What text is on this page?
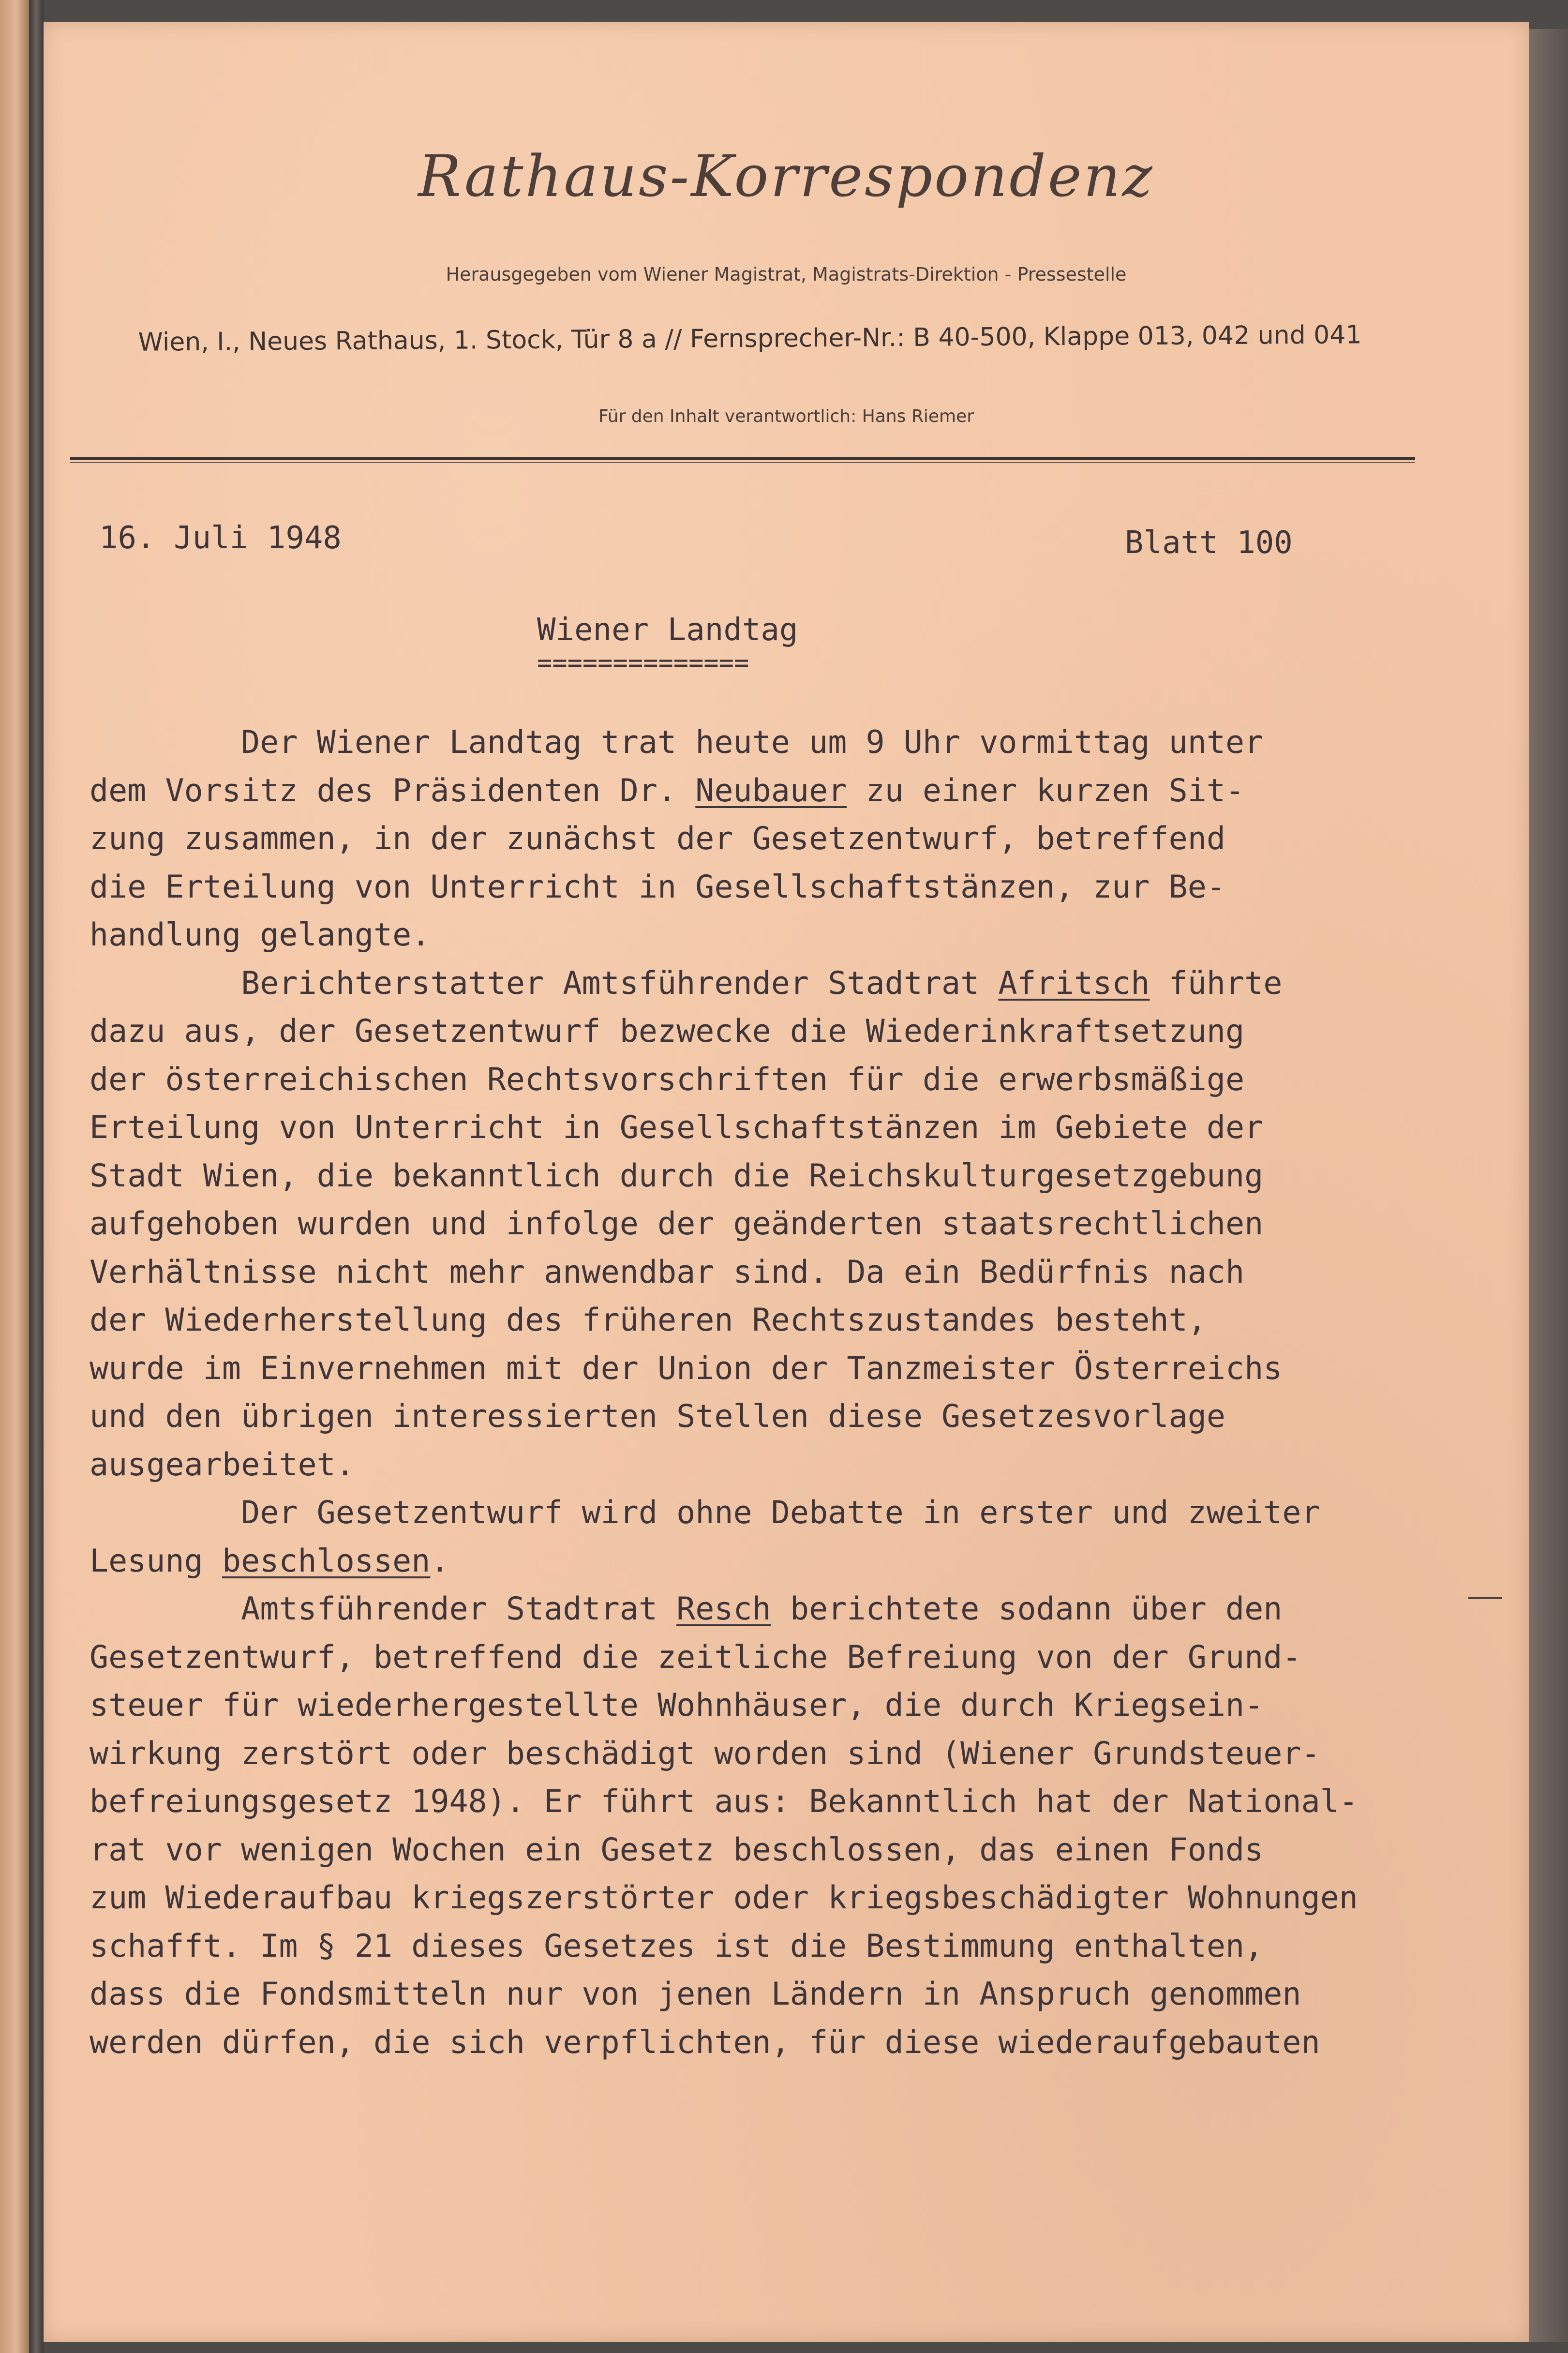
Rathaus-Korrespondenz
Herausgegeben vom Wiener Magistrat, Magistrats-Direktion - Pressestelle
Wien, I., Neues Rathaus, 1. Stock, Tür 8 a // Fernsprecher-Nr.: B 40-500, Klappe 013, 042 und 041
Für den Inhalt verantwortlich: Hans Riemer
16. Juli 1948	Blatt 100
Wiener Landtag
==============
Der Wiener Landtag trat heute um 9 Uhr vormittag unter
dem Vorsitz des Präsidenten Dr. Neubauer zu einer kurzen Sit-
zung zusammen, in der zunächst der Gesetzentwurf, betreffend
die Erteilung von Unterricht in Gesellschaftstänzen, zur Be-
handlung gelangte.
Berichterstatter Amtsführender Stadtrat Afritsch führte
dazu aus, der Gesetzentwurf bezwecke die Wiederinkraftsetzung
der österreichischen Rechtsvorschriften für die erwerbsmäßige
Erteilung von Unterricht in Gesellschaftstänzen im Gebiete der
Stadt Wien, die bekanntlich durch die Reichskulturgesetzgebung
aufgehoben wurden und infolge der geänderten staatsrechtlichen
Verhältnisse nicht mehr anwendbar sind. Da ein Bedürfnis nach
der Wiederherstellung des früheren Rechtszustandes besteht,
wurde im Einvernehmen mit der Union der Tanzmeister Österreichs
und den übrigen interessierten Stellen diese Gesetzesvorlage
ausgearbeitet.
Der Gesetzentwurf wird ohne Debatte in erster und zweiter
Lesung beschlossen.
Amtsführender Stadtrat Resch berichtete sodann über den
Gesetzentwurf, betreffend die zeitliche Befreiung von der Grund-
steuer für wiederhergestellte Wohnhäuser, die durch Kriegsein-
wirkung zerstört oder beschädigt worden sind (Wiener Grundsteuer-
befreiungsgesetz 1948). Er führt aus: Bekanntlich hat der National-
rat vor wenigen Wochen ein Gesetz beschlossen, das einen Fonds
zum Wiederaufbau kriegszerstörter oder kriegsbeschädigter Wohnungen
schafft. Im § 21 dieses Gesetzes ist die Bestimmung enthalten,
dass die Fondsmitteln nur von jenen Ländern in Anspruch genommen
werden dürfen, die sich verpflichten, für diese wiederaufgebauten
